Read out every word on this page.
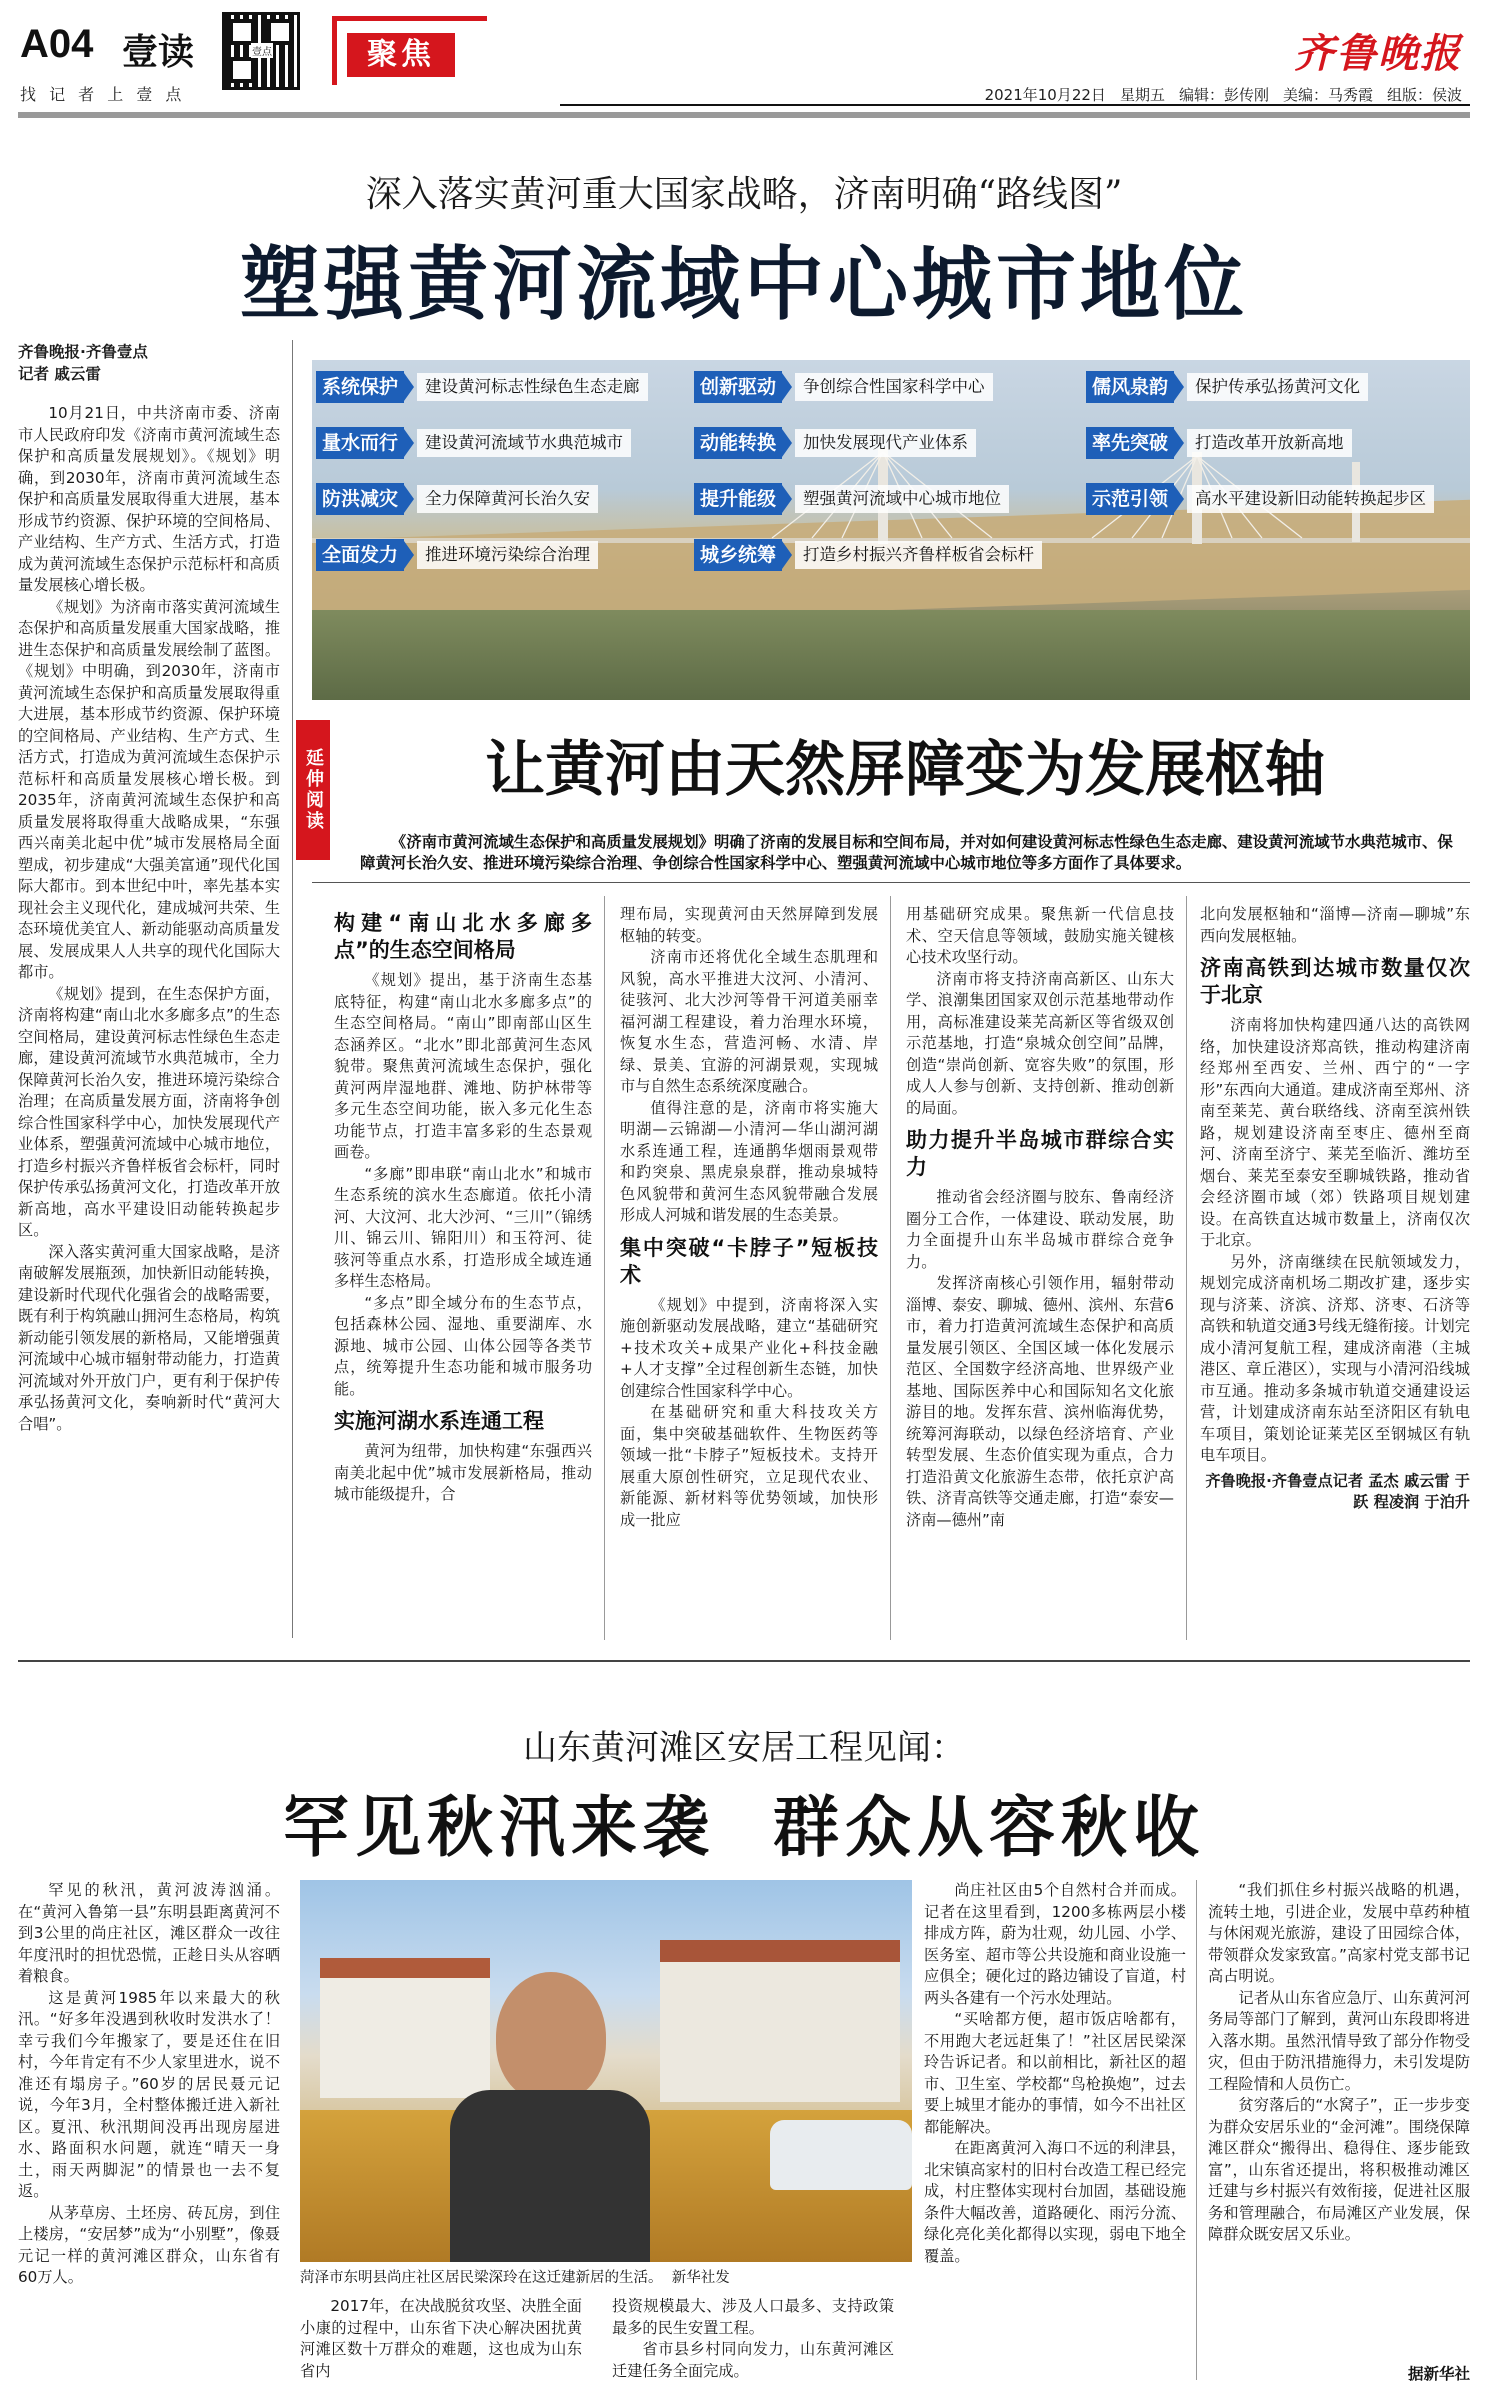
A04 壹读
找 记 者 上 壹 点
壹点	聚焦	齐鲁晚报
2021年10月22日 星期五 编辑：彭传刚 美编：马秀霞 组版：侯波
深入落实黄河重大国家战略，济南明确“路线图”
塑强黄河流域中心城市地位

齐鲁晚报·齐鲁壹点

记者 戚云雷

10月21日，中共济南市委、济南市人民政府印发《济南市黄河流域生态保护和高质量发展规划》。《规划》明确，到2030年，济南市黄河流域生态保护和高质量发展取得重大进展，基本形成节约资源、保护环境的空间格局、产业结构、生产方式、生活方式，打造成为黄河流域生态保护示范标杆和高质量发展核心增长极。

《规划》为济南市落实黄河流域生态保护和高质量发展重大国家战略，推进生态保护和高质量发展绘制了蓝图。《规划》中明确，到2030年，济南市黄河流域生态保护和高质量发展取得重大进展，基本形成节约资源、保护环境的空间格局、产业结构、生产方式、生活方式，打造成为黄河流域生态保护示范标杆和高质量发展核心增长极。到2035年，济南黄河流域生态保护和高质量发展将取得重大战略成果，“东强西兴南美北起中优”城市发展格局全面塑成，初步建成“大强美富通”现代化国际大都市。到本世纪中叶，率先基本实现社会主义现代化，建成城河共荣、生态环境优美宜人、新动能驱动高质量发展、发展成果人人共享的现代化国际大都市。

《规划》提到，在生态保护方面，济南将构建“南山北水多廊多点”的生态空间格局，建设黄河标志性绿色生态走廊，建设黄河流域节水典范城市，全力保障黄河长治久安，推进环境污染综合治理；在高质量发展方面，济南将争创综合性国家科学中心，加快发展现代产业体系，塑强黄河流域中心城市地位，打造乡村振兴齐鲁样板省会标杆，同时保护传承弘扬黄河文化，打造改革开放新高地，高水平建设旧动能转换起步区。

深入落实黄河重大国家战略，是济南破解发展瓶颈，加快新旧动能转换，建设新时代现代化强省会的战略需要，既有利于构筑融山拥河生态格局，构筑新动能引领发展的新格局，又能增强黄河流域中心城市辐射带动能力，打造黄河流域对外开放门户，更有利于保护传承弘扬黄河文化，奏响新时代“黄河大合唱”。

系统保护	建设黄河标志性绿色生态走廊	创新驱动	争创综合性国家科学中心	儒风泉韵	保护传承弘扬黄河文化
量水而行	建设黄河流域节水典范城市	动能转换	加快发展现代产业体系	率先突破	打造改革开放新高地
防洪减灾	全力保障黄河长治久安	提升能级	塑强黄河流域中心城市地位	示范引领	高水平建设新旧动能转换起步区
全面发力	推进环境污染综合治理	城乡统筹	打造乡村振兴齐鲁样板省会标杆
延伸阅读	让黄河由天然屏障变为发展枢轴
《济南市黄河流域生态保护和高质量发展规划》明确了济南的发展目标和空间布局，并对如何建设黄河标志性绿色生态走廊、建设黄河流域节水典范城市、保障黄河长治久安、推进环境污染综合治理、争创综合性国家科学中心、塑强黄河流域中心城市地位等多方面作了具体要求。
构建“南山北水多廊多点”的生态空间格局

《规划》提出，基于济南生态基底特征，构建“南山北水多廊多点”的生态空间格局。“南山”即南部山区生态涵养区。“北水”即北部黄河生态风貌带。聚焦黄河流域生态保护，强化黄河两岸湿地群、滩地、防护林带等多元生态空间功能，嵌入多元化生态功能节点，打造丰富多彩的生态景观画卷。

“多廊”即串联“南山北水”和城市生态系统的滨水生态廊道。依托小清河、大汶河、北大沙河、“三川”（锦绣川、锦云川、锦阳川）和玉符河、徒骇河等重点水系，打造形成全域连通多样生态格局。

“多点”即全域分布的生态节点，包括森林公园、湿地、重要湖库、水源地、城市公园、山体公园等各类节点，统筹提升生态功能和城市服务功能。

实施河湖水系连通工程

黄河为纽带，加快构建“东强西兴南美北起中优”城市发展新格局，推动城市能级提升，合

理布局，实现黄河由天然屏障到发展枢轴的转变。

济南市还将优化全域生态肌理和风貌，高水平推进大汶河、小清河、徒骇河、北大沙河等骨干河道美丽幸福河湖工程建设，着力治理水环境，恢复水生态，营造河畅、水清、岸绿、景美、宜游的河湖景观，实现城市与自然生态系统深度融合。

值得注意的是，济南市将实施大明湖—云锦湖—小清河—华山湖河湖水系连通工程，连通鹊华烟雨景观带和趵突泉、黑虎泉泉群，推动泉城特色风貌带和黄河生态风貌带融合发展形成人河城和谐发展的生态美景。

集中突破“卡脖子”短板技术

《规划》中提到，济南将深入实施创新驱动发展战略，建立“基础研究+技术攻关+成果产业化+科技金融+人才支撑”全过程创新生态链，加快创建综合性国家科学中心。

在基础研究和重大科技攻关方面，集中突破基础软件、生物医药等领域一批“卡脖子”短板技术。支持开展重大原创性研究，立足现代农业、新能源、新材料等优势领域，加快形成一批应

用基础研究成果。聚焦新一代信息技术、空天信息等领域，鼓励实施关键核心技术攻坚行动。

济南市将支持济南高新区、山东大学、浪潮集团国家双创示范基地带动作用，高标准建设莱芜高新区等省级双创示范基地，打造“泉城众创空间”品牌，创造“崇尚创新、宽容失败”的氛围，形成人人参与创新、支持创新、推动创新的局面。

助力提升半岛城市群综合实力

推动省会经济圈与胶东、鲁南经济圈分工合作，一体建设、联动发展，助力全面提升山东半岛城市群综合竞争力。

发挥济南核心引领作用，辐射带动淄博、泰安、聊城、德州、滨州、东营6市，着力打造黄河流域生态保护和高质量发展引领区、全国区域一体化发展示范区、全国数字经济高地、世界级产业基地、国际医养中心和国际知名文化旅游目的地。发挥东营、滨州临海优势，统筹河海联动，以绿色经济培育、产业转型发展、生态价值实现为重点，合力打造沿黄文化旅游生态带，依托京沪高铁、济青高铁等交通走廊，打造“泰安—济南—德州”南

北向发展枢轴和“淄博—济南—聊城”东西向发展枢轴。

济南高铁到达城市数量仅次于北京

济南将加快构建四通八达的高铁网络，加快建设济郑高铁，推动构建济南经郑州至西安、兰州、西宁的“一字形”东西向大通道。建成济南至郑州、济南至莱芜、黄台联络线、济南至滨州铁路，规划建设济南至枣庄、德州至商河、济南至济宁、莱芜至临沂、潍坊至烟台、莱芜至泰安至聊城铁路，推动省会经济圈市域（郊）铁路项目规划建设。在高铁直达城市数量上，济南仅次于北京。

另外，济南继续在民航领域发力，规划完成济南机场二期改扩建，逐步实现与济莱、济滨、济郑、济枣、石济等高铁和轨道交通3号线无缝衔接。计划完成小清河复航工程，建成济南港（主城港区、章丘港区），实现与小清河沿线城市互通。推动多条城市轨道交通建设运营，计划建成济南东站至济阳区有轨电车项目，策划论证莱芜区至钢城区有轨电车项目。

齐鲁晚报·齐鲁壹点记者 孟杰 戚云雷 于跃 程凌润 于泊升

山东黄河滩区安居工程见闻：
罕见秋汛来袭  群众从容秋收

罕见的秋汛，黄河波涛汹涌。在“黄河入鲁第一县”东明县距离黄河不到3公里的尚庄社区，滩区群众一改往年度汛时的担忧恐慌，正趁日头从容晒着粮食。

这是黄河1985年以来最大的秋汛。“好多年没遇到秋收时发洪水了！幸亏我们今年搬家了，要是还住在旧村，今年肯定有不少人家里进水，说不准还有塌房子。”60岁的居民聂元记说，今年3月，全村整体搬迁进入新社区。夏汛、秋汛期间没再出现房屋进水、路面积水问题，就连“晴天一身土，雨天两脚泥”的情景也一去不复返。

从茅草房、土坯房、砖瓦房，到住上楼房，“安居梦”成为“小别墅”，像聂元记一样的黄河滩区群众，山东省有60万人。	菏泽市东明县尚庄社区居民梁深玲在这迁建新居的生活。  新华社发

2017年，在决战脱贫攻坚、决胜全面小康的过程中，山东省下决心解决困扰黄河滩区数十万群众的难题，这也成为山东省内

投资规模最大、涉及人口最多、支持政策最多的民生安置工程。

省市县乡村同向发力，山东黄河滩区迁建任务全面完成。

尚庄社区由5个自然村合并而成。记者在这里看到，1200多栋两层小楼排成方阵，蔚为壮观，幼儿园、小学、医务室、超市等公共设施和商业设施一应俱全；硬化过的路边铺设了盲道，村两头各建有一个污水处理站。

“买啥都方便，超市饭店啥都有，不用跑大老远赶集了！”社区居民梁深玲告诉记者。和以前相比，新社区的超市、卫生室、学校都“鸟枪换炮”，过去要上城里才能办的事情，如今不出社区都能解决。

在距离黄河入海口不远的利津县，北宋镇高家村的旧村台改造工程已经完成，村庄整体实现村台加固，基础设施条件大幅改善，道路硬化、雨污分流、绿化亮化美化都得以实现，弱电下地全覆盖。

“我们抓住乡村振兴战略的机遇，流转土地，引进企业，发展中草药种植与休闲观光旅游，建设了田园综合体，带领群众发家致富。”高家村党支部书记高占明说。

记者从山东省应急厅、山东黄河河务局等部门了解到，黄河山东段即将进入落水期。虽然汛情导致了部分作物受灾，但由于防汛措施得力，未引发堤防工程险情和人员伤亡。

贫穷落后的“水窝子”，正一步步变为群众安居乐业的“金河滩”。围绕保障滩区群众“搬得出、稳得住、逐步能致富”，山东省还提出，将积极推动滩区迁建与乡村振兴有效衔接，促进社区服务和管理融合，布局滩区产业发展，保障群众既安居又乐业。

据新华社
